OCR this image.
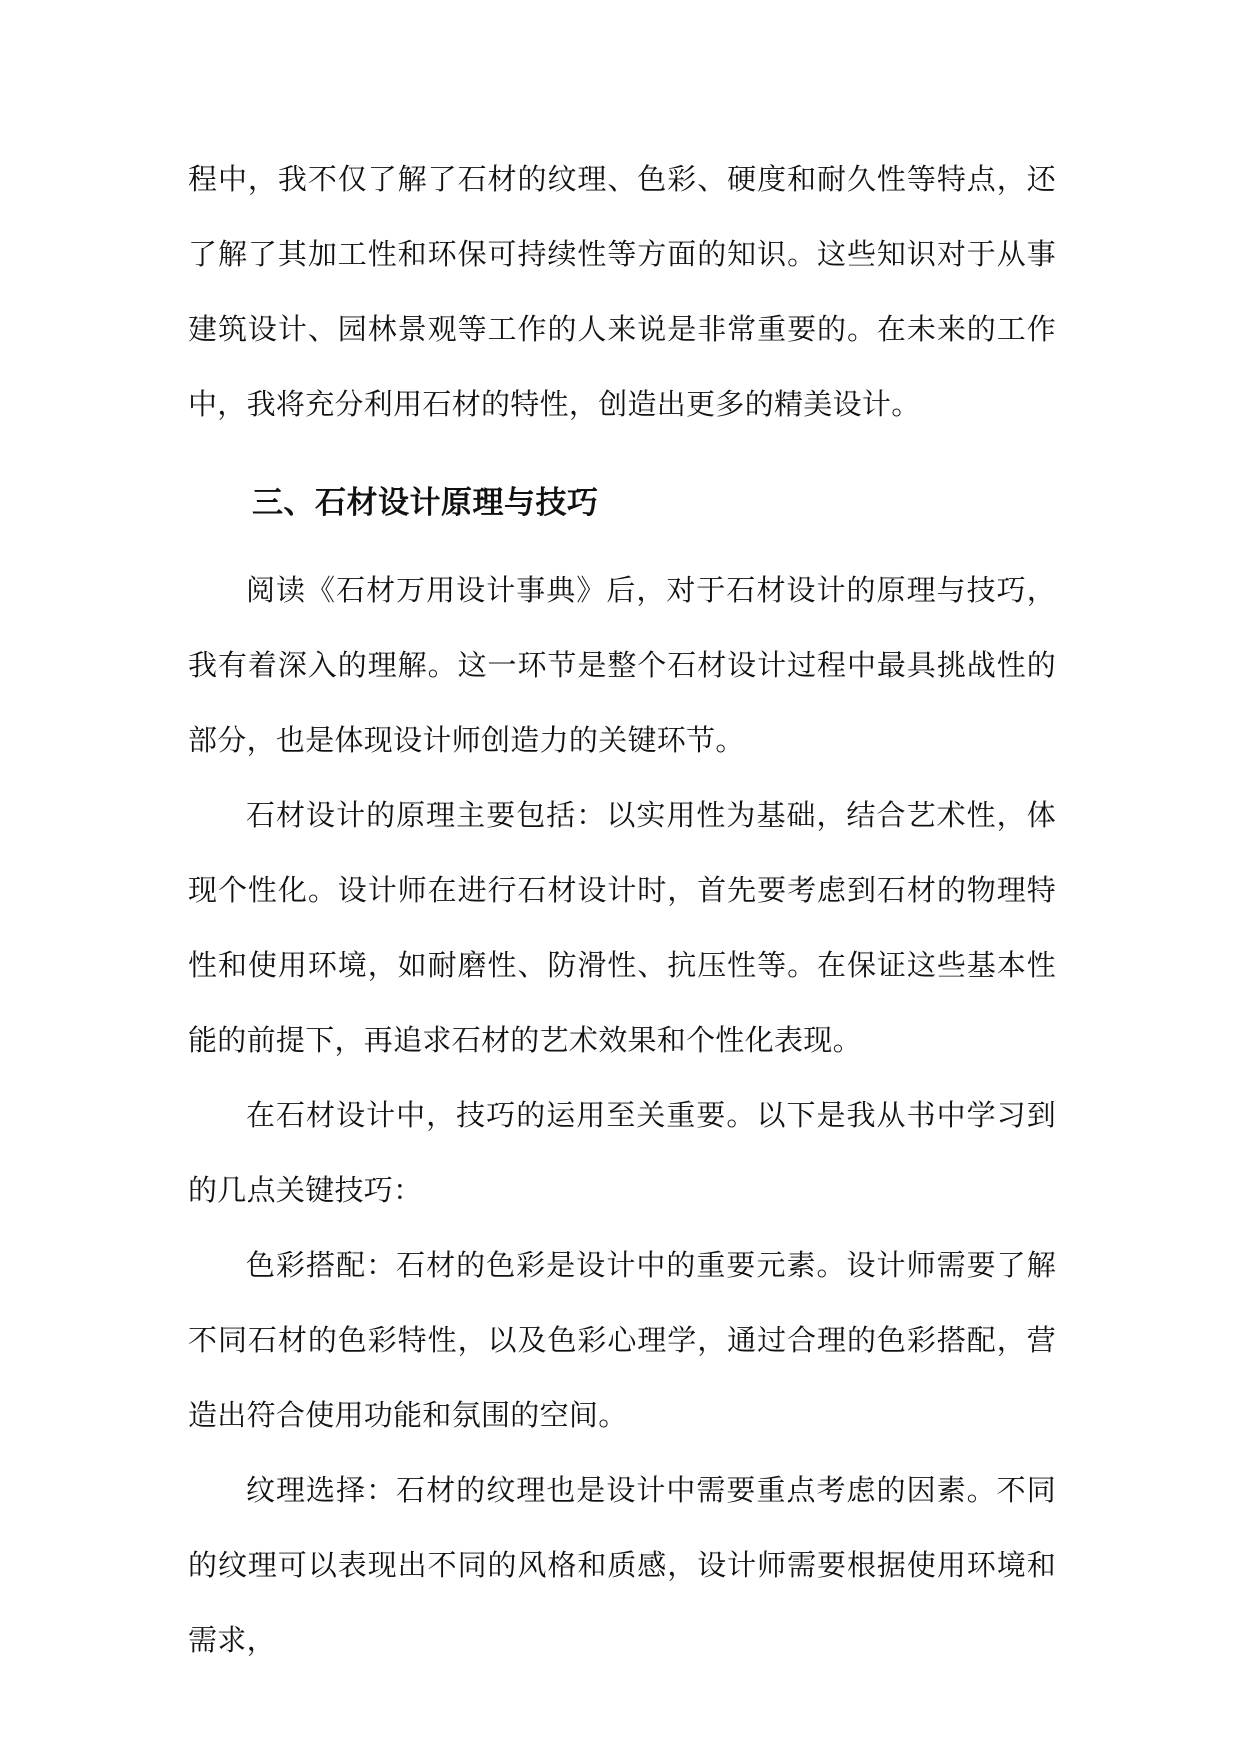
程中，我不仅了解了石材的纹理、色彩、硬度和耐久性等特点，还了解了其加工性和环保可持续性等方面的知识。这些知识对于从事建筑设计、园林景观等工作的人来说是非常重要的。在未来的工作中，我将充分利用石材的特性，创造出更多的精美设计。

三、石材设计原理与技巧

阅读《石材万用设计事典》后，对于石材设计的原理与技巧，我有着深入的理解。这一环节是整个石材设计过程中最具挑战性的部分，也是体现设计师创造力的关键环节。

石材设计的原理主要包括：以实用性为基础，结合艺术性，体现个性化。设计师在进行石材设计时，首先要考虑到石材的物理特性和使用环境，如耐磨性、防滑性、抗压性等。在保证这些基本性能的前提下，再追求石材的艺术效果和个性化表现。

在石材设计中，技巧的运用至关重要。以下是我从书中学习到的几点关键技巧：

色彩搭配：石材的色彩是设计中的重要元素。设计师需要了解不同石材的色彩特性，以及色彩心理学，通过合理的色彩搭配，营造出符合使用功能和氛围的空间。

纹理选择：石材的纹理也是设计中需要重点考虑的因素。不同的纹理可以表现出不同的风格和质感，设计师需要根据使用环境和需求，
